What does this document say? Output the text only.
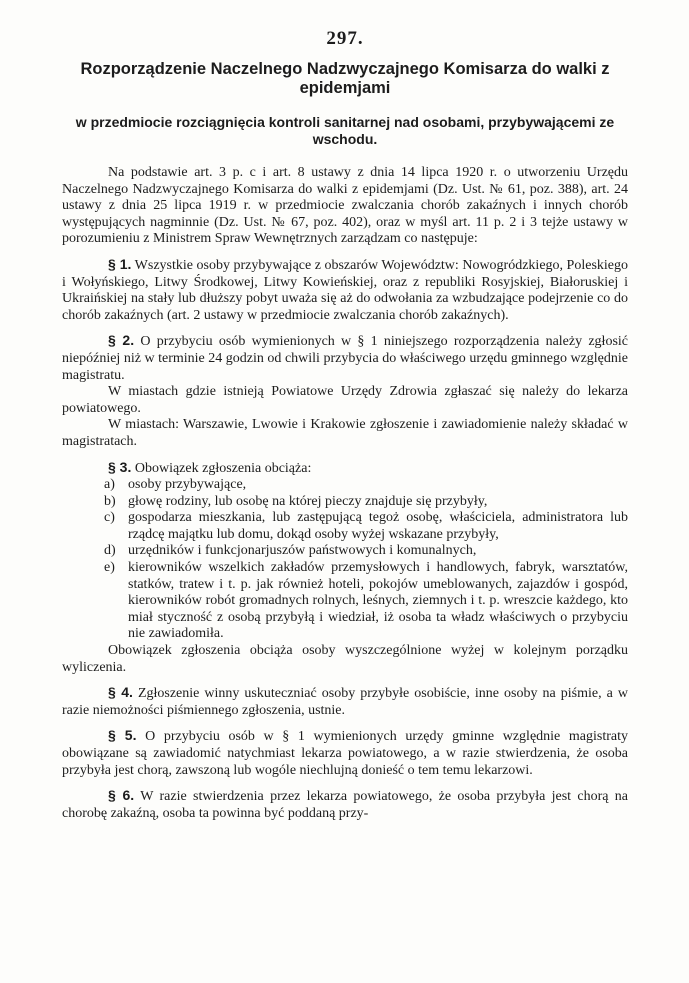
297.
Rozporządzenie Naczelnego Nadzwyczajnego Komisarza do walki z epidemjami
w przedmiocie rozciągnięcia kontroli sanitarnej nad osobami, przybywającemi ze wschodu.

Na podstawie art. 3 p. c i art. 8 ustawy z dnia 14 lipca 1920 r. o utworzeniu Urzędu Naczelnego Nadzwyczajnego Komisarza do walki z epidemjami (Dz. Ust. № 61, poz. 388), art. 24 ustawy z dnia 25 lipca 1919 r. w przedmiocie zwalczania chorób zakaźnych i innych chorób występujących nagminnie (Dz. Ust. № 67, poz. 402), oraz w myśl art. 11 p. 2 i 3 tejże ustawy w porozumieniu z Ministrem Spraw Wewnętrznych zarządzam co następuje:

§ 1. Wszystkie osoby przybywające z obszarów Województw: Nowogródzkiego, Poleskiego i Wołyńskiego, Litwy Środkowej, Litwy Kowieńskiej, oraz z republiki Rosyjskiej, Białoruskiej i Ukraińskiej na stały lub dłuższy pobyt uważa się aż do odwołania za wzbudzające podejrzenie co do chorób zakaźnych (art. 2 ustawy w przedmiocie zwalczania chorób zakaźnych).

§ 2. O przybyciu osób wymienionych w § 1 niniejszego rozporządzenia należy zgłosić niepóźniej niż w terminie 24 godzin od chwili przybycia do właściwego urzędu gminnego względnie magistratu.

W miastach gdzie istnieją Powiatowe Urzędy Zdrowia zgłaszać się należy do lekarza powiatowego.

W miastach: Warszawie, Lwowie i Krakowie zgłoszenie i zawiadomienie należy składać w magistratach.

§ 3. Obowiązek zgłoszenia obciąża:

a) osoby przybywające,
b) głowę rodziny, lub osobę na której pieczy znajduje się przybyły,
c) gospodarza mieszkania, lub zastępującą tegoż osobę, właściciela, administratora lub rządcę majątku lub domu, dokąd osoby wyżej wskazane przybyły,
d) urzędników i funkcjonarjuszów państwowych i komunalnych,
e) kierowników wszelkich zakładów przemysłowych i handlowych, fabryk, warsztatów, statków, tratew i t. p. jak również hoteli, pokojów umeblowanych, zajazdów i gospód, kierowników robót gromadnych rolnych, leśnych, ziemnych i t. p. wreszcie każdego, kto miał styczność z osobą przybyłą i wiedział, iż osoba ta władz właściwych o przybyciu nie zawiadomiła.

Obowiązek zgłoszenia obciąża osoby wyszczególnione wyżej w kolejnym porządku wyliczenia.

§ 4. Zgłoszenie winny uskuteczniać osoby przybyłe osobiście, inne osoby na piśmie, a w razie niemożności piśmiennego zgłoszenia, ustnie.

§ 5. O przybyciu osób w § 1 wymienionych urzędy gminne względnie magistraty obowiązane są zawiadomić natychmiast lekarza powiatowego, a w razie stwierdzenia, że osoba przybyła jest chorą, zawszoną lub wogóle niechlujną donieść o tem temu lekarzowi.

§ 6. W razie stwierdzenia przez lekarza powiatowego, że osoba przybyła jest chorą na chorobę zakaźną, osoba ta powinna być poddaną przy-
